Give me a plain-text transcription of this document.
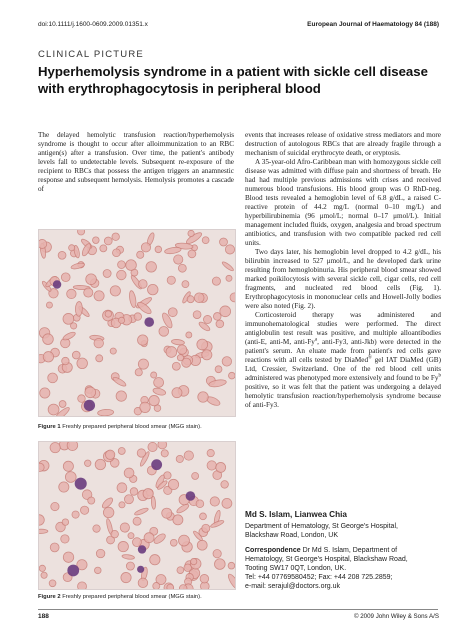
doi:10.1111/j.1600-0609.2009.01351.x	European Journal of Haematology 84 (188)
CLINICAL PICTURE
Hyperhemolysis syndrome in a patient with sickle cell disease with erythrophagocytosis in peripheral blood

The delayed hemolytic transfusion reaction/hyperhemolysis syndrome is thought to occur after alloimmunization to an RBC antigen(s) after a transfusion. Over time, the patient's antibody levels fall to undetectable levels. Subsequent re-exposure of the recipient to RBCs that possess the antigen triggers an anamnestic response and subsequent hemolysis. Hemolysis promotes a cascade of

Figure 1 Freshly prepared peripheral blood smear (MGG stain).
Figure 2 Freshly prepared peripheral blood smear (MGG stain).

events that increases release of oxidative stress mediators and more destruction of autologous RBCs that are already fragile through a mechanism of suicidal erythrocyte death, or eryptosis.

A 35-year-old Afro-Caribbean man with homozygous sickle cell disease was admitted with diffuse pain and shortness of breath. He had had multiple previous admissions with crises and received numerous blood transfusions. His blood group was O RhD-neg. Blood tests revealed a hemoglobin level of 6.8 g/dL, a raised C-reactive protein of 44.2 mg/L (normal 0–10 mg/L) and hyperbilirubinemia (96 μmol/L; normal 0–17 μmol/L). Initial management included fluids, oxygen, analgesia and broad spectrum antibiotics, and transfusion with two compatible packed red cell units.

Two days later, his hemoglobin level dropped to 4.2 g/dL, his bilirubin increased to 527 μmol/L, and he developed dark urine resulting from hemoglobinuria. His peripheral blood smear showed marked poikilocytosis with several sickle cell, cigar cells, red cell fragments, and nucleated red blood cells (Fig. 1). Erythrophagocytosis in mononuclear cells and Howell-Jolly bodies were also noted (Fig. 2).

Corticosteroid therapy was administered and immunohematological studies were performed. The direct antiglobulin test result was positive, and multiple alloantibodies (anti-E, anti-M, anti-Fy$^a$, anti-Fy3, anti-Jkb) were detected in the patient's serum. An eluate made from patient's red cells gave reactions with all cells tested by DiaMed® gel IAT DiaMed (GB) Ltd, Cressier, Switzerland. One of the red blood cell units administered was phenotyped more extensively and found to be Fy$^b$ positive, so it was felt that the patient was undergoing a delayed hemolytic transfusion reaction/hyperhemolysis syndrome because of anti-Fy3.

Md S. Islam, Lianwea Chia
Department of Hematology, St George's Hospital,
Blackshaw Road, London, UK
Correspondence Dr Md S. Islam, Department of
Hematology, St George's Hospital, Blackshaw Road,
Tooting SW17 0QT, London, UK.
Tel: +44 07769580452; Fax: +44 208 725.2859;
e-mail: serajul@doctors.org.uk
188	© 2009 John Wiley & Sons A/S
